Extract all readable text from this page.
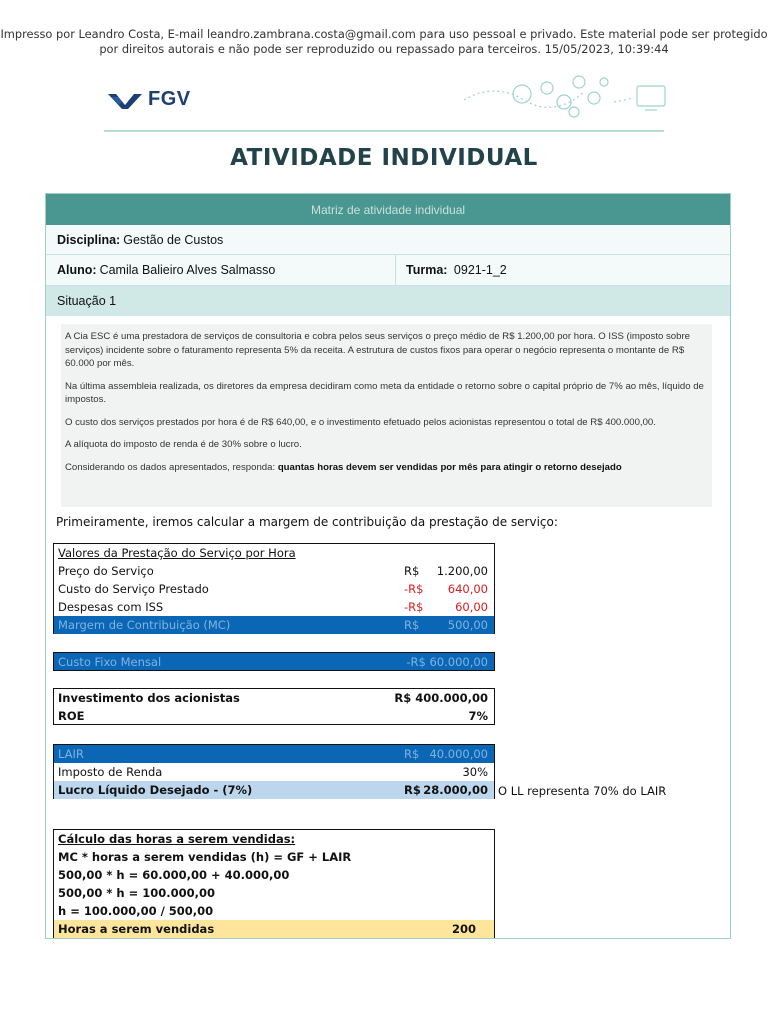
Impresso por Leandro Costa, E-mail leandro.zambrana.costa@gmail.com para uso pessoal e privado. Este material pode ser protegido
por direitos autorais e não pode ser reproduzido ou repassado para terceiros. 15/05/2023, 10:39:44
FGV
ATIVIDADE INDIVIDUAL
Matriz de atividade individual
Disciplina: Gestão de Custos
Aluno: Camila Balieiro Alves Salmasso	Turma: 0921-1_2
Situação 1

A Cia ESC é uma prestadora de serviços de consultoria e cobra pelos seus serviços o preço médio de R$ 1.200,00 por hora. O ISS (imposto sobre serviços) incidente sobre o faturamento representa 5% da receita. A estrutura de custos fixos para operar o negócio representa o montante de R$ 60.000 por mês.

Na última assembleia realizada, os diretores da empresa decidiram como meta da entidade o retorno sobre o capital próprio de 7% ao mês, líquido de impostos.

O custo dos serviços prestados por hora é de R$ 640,00, e o investimento efetuado pelos acionistas representou o total de R$ 400.000,00.

A alíquota do imposto de renda é de 30% sobre o lucro.

Considerando os dados apresentados, responda: quantas horas devem ser vendidas por mês para atingir o retorno desejado

Primeiramente, iremos calcular a margem de contribuição da prestação de serviço:
Valores da Prestação do Serviço por Hora
Preço do Serviço	R$ 1.200,00
Custo do Serviço Prestado	-R$ 640,00
Despesas com ISS	-R$	60,00
Margem de Contribuição (MC)	R$ 500,00
Custo Fixo Mensal	-R$ 60.000,00
Investimento dos acionistas	R$ 400.000,00
ROE	7%
LAIR	R$ 40.000,00
Imposto de Renda	30%
Lucro Líquido Desejado - (7%)	R$ 28.000,00 O LL representa 70% do LAIR
Cálculo das horas a serem vendidas:
MC * horas a serem vendidas (h) = GF + LAIR
500,00 * h = 60.000,00 + 40.000,00
500,00 * h = 100.000,00
h = 100.000,00 / 500,00
Horas a serem vendidas	200
